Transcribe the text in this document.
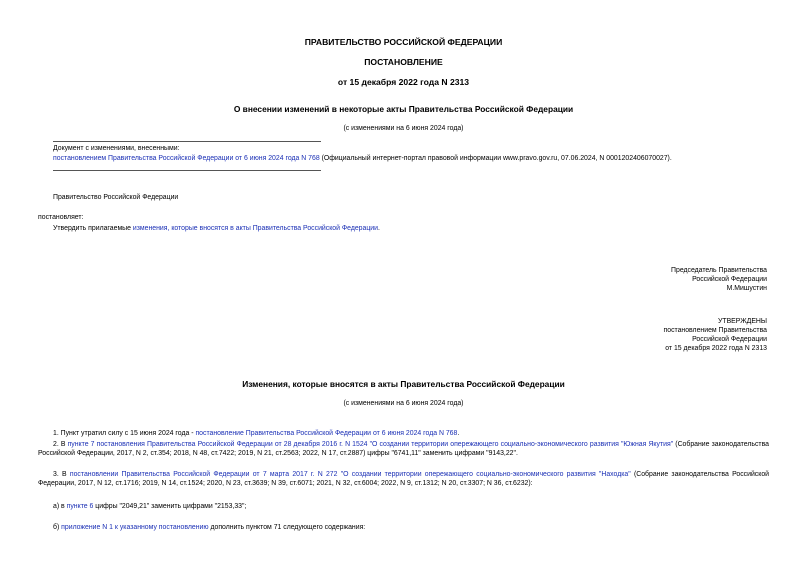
ПРАВИТЕЛЬСТВО РОССИЙСКОЙ ФЕДЕРАЦИИ
ПОСТАНОВЛЕНИЕ
от 15 декабря 2022 года N 2313
О внесении изменений в некоторые акты Правительства Российской Федерации
(с изменениями на 6 июня 2024 года)
Документ с изменениями, внесенными:
постановлением Правительства Российской Федерации от 6 июня 2024 года N 768 (Официальный интернет-портал правовой информации www.pravo.gov.ru, 07.06.2024, N 0001202406070027).
Правительство Российской Федерации
постановляет:
Утвердить прилагаемые изменения, которые вносятся в акты Правительства Российской Федерации.
Председатель Правительства
Российской Федерации
М.Мишустин
УТВЕРЖДЕНЫ
постановлением Правительства
Российской Федерации
от 15 декабря 2022 года N 2313
Изменения, которые вносятся в акты Правительства Российской Федерации
(с изменениями на 6 июня 2024 года)
1. Пункт утратил силу с 15 июня 2024 года - постановление Правительства Российской Федерации от 6 июня 2024 года N 768.
2. В пункте 7 постановления Правительства Российской Федерации от 28 декабря 2016 г. N 1524 "О создании территории опережающего социально-экономического развития "Южная Якутия" (Собрание законодательства Российской Федерации, 2017, N 2, ст.354; 2018, N 48, ст.7422; 2019, N 21, ст.2563; 2022, N 17, ст.2887) цифры "6741,11" заменить цифрами "9143,22".
3. В постановлении Правительства Российской Федерации от 7 марта 2017 г. N 272 "О создании территории опережающего социально-экономического развития "Находка" (Собрание законодательства Российской Федерации, 2017, N 12, ст.1716; 2019, N 14, ст.1524; 2020, N 23, ст.3639; N 39, ст.6071; 2021, N 32, ст.6004; 2022, N 9, ст.1312; N 20, ст.3307; N 36, ст.6232):
а) в пункте 6 цифры "2049,21" заменить цифрами "2153,33";
б) приложение N 1 к указанному постановлению дополнить пунктом 71 следующего содержания:
